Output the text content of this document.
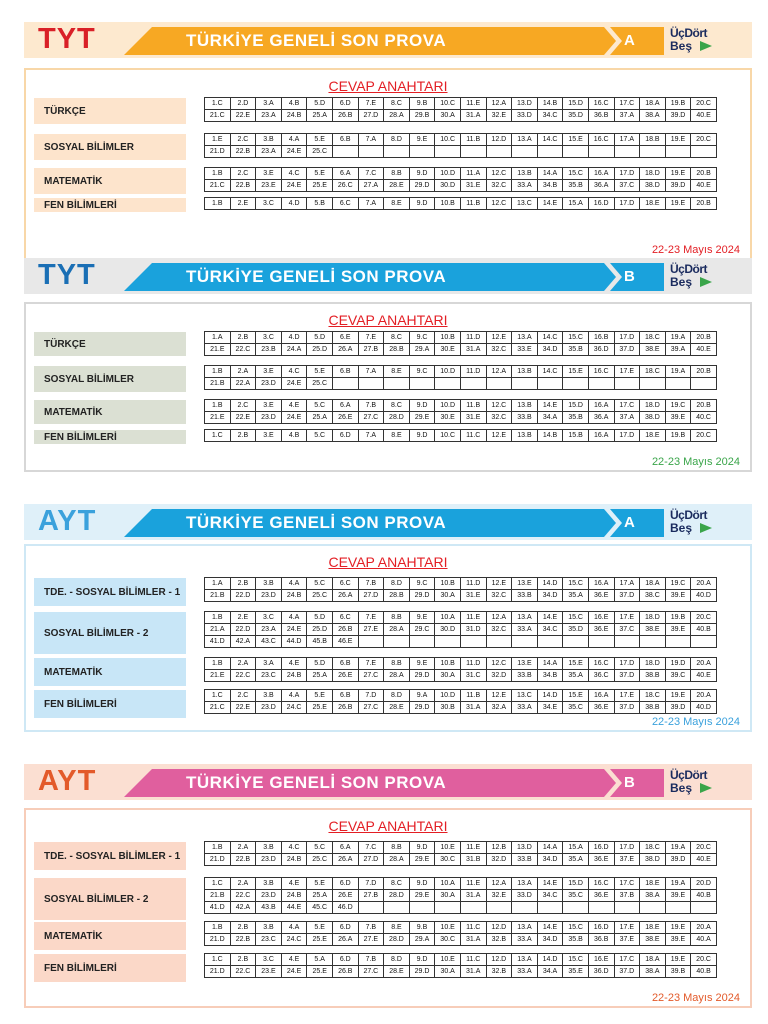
TYT	TÜRKİYE GENELİ SON PROVA	A	ÜçDört
Beş
CEVAP ANAHTARI
TÜRKÇE
1.C	2.D	3.A	4.B	5.D	6.D	7.E	8.C	9.B	10.C	11.E	12.A	13.D	14.B	15.D	16.C	17.C	18.A	19.B	20.C
21.C	22.E	23.A	24.B	25.A	26.B	27.D	28.A	29.B	30.A	31.A	32.E	33.D	34.C	35.D	36.B	37.A	38.A	39.D	40.E
SOSYAL BİLİMLER
1.E	2.C	3.B	4.A	5.E	6.B	7.A	8.D	9.E	10.C	11.B	12.D	13.A	14.C	15.E	16.C	17.A	18.B	19.E	20.C
21.D	22.B	23.A	24.E	25.C															
MATEMATİK
1.B	2.C	3.E	4.C	5.E	6.A	7.C	8.B	9.D	10.D	11.A	12.C	13.B	14.A	15.C	16.A	17.D	18.D	19.E	20.B
21.C	22.B	23.E	24.E	25.E	26.C	27.A	28.E	29.D	30.D	31.E	32.C	33.A	34.B	35.B	36.A	37.C	38.D	39.D	40.E
FEN BİLİMLERİ	1.B	2.E	3.C	4.D	5.B	6.C	7.A	8.E	9.D	10.B	11.B	12.C	13.C	14.E	15.A	16.D	17.D	18.E	19.E	20.B
22-23 Mayıs 2024
TYT	TÜRKİYE GENELİ SON PROVA	B	ÜçDört
Beş
CEVAP ANAHTARI
TÜRKÇE
1.A	2.B	3.C	4.D	5.D	6.E	7.E	8.C	9.C	10.B	11.D	12.E	13.A	14.C	15.C	16.B	17.D	18.C	19.A	20.B
21.E	22.C	23.B	24.A	25.D	26.A	27.B	28.B	29.A	30.E	31.A	32.C	33.E	34.D	35.B	36.D	37.D	38.E	39.A	40.E
SOSYAL BİLİMLER
1.B	2.A	3.E	4.C	5.E	6.B	7.A	8.E	9.C	10.D	11.D	12.A	13.B	14.C	15.E	16.C	17.E	18.C	19.A	20.B
21.B	22.A	23.D	24.E	25.C															
MATEMATİK
1.B	2.C	3.E	4.E	5.C	6.A	7.B	8.C	9.D	10.D	11.B	12.C	13.B	14.E	15.D	16.A	17.C	18.D	19.C	20.B
21.E	22.E	23.D	24.E	25.A	26.E	27.C	28.D	29.E	30.E	31.E	32.C	33.B	34.A	35.B	36.A	37.A	38.D	39.E	40.C
FEN BİLİMLERİ	1.C	2.B	3.E	4.B	5.C	6.D	7.A	8.E	9.D	10.C	11.C	12.E	13.B	14.B	15.B	16.A	17.D	18.E	19.B	20.C
22-23 Mayıs 2024
AYT	TÜRKİYE GENELİ SON PROVA	A	ÜçDört
Beş
CEVAP ANAHTARI
TDE. - SOSYAL BİLİMLER - 1
1.A	2.B	3.B	4.A	5.C	6.C	7.B	8.D	9.C	10.B	11.D	12.E	13.E	14.D	15.C	16.A	17.A	18.A	19.C	20.A
21.B	22.D	23.D	24.B	25.C	26.A	27.D	28.B	29.D	30.A	31.E	32.C	33.B	34.D	35.A	36.E	37.D	38.C	39.E	40.D
SOSYAL BİLİMLER - 2
1.B	2.E	3.C	4.A	5.D	6.C	7.E	8.B	9.E	10.A	11.E	12.A	13.A	14.E	15.C	16.E	17.E	18.D	19.B	20.C
21.A	22.D	23.A	24.E	25.D	26.B	27.E	28.A	29.C	30.D	31.D	32.C	33.A	34.C	35.D	36.E	37.C	38.E	39.E	40.B
41.D	42.A	43.C	44.D	45.B	46.E														
MATEMATİK
1.B	2.A	3.A	4.E	5.D	6.B	7.E	8.B	9.E	10.B	11.D	12.C	13.E	14.A	15.E	16.C	17.D	18.D	19.D	20.A
21.E	22.C	23.C	24.B	25.A	26.E	27.C	28.A	29.D	30.A	31.C	32.D	33.B	34.B	35.A	36.C	37.D	38.B	39.C	40.E
FEN BİLİMLERİ
1.C	2.C	3.B	4.A	5.E	6.B	7.D	8.D	9.A	10.D	11.B	12.E	13.C	14.D	15.E	16.A	17.E	18.C	19.E	20.A
21.C	22.E	23.D	24.C	25.E	26.B	27.C	28.E	29.D	30.B	31.A	32.A	33.A	34.E	35.C	36.E	37.D	38.B	39.D	40.D
22-23 Mayıs 2024
AYT	TÜRKİYE GENELİ SON PROVA	B	ÜçDört
Beş
CEVAP ANAHTARI
TDE. - SOSYAL BİLİMLER - 1
1.B	2.A	3.B	4.C	5.C	6.A	7.C	8.B	9.D	10.E	11.E	12.B	13.D	14.A	15.A	16.D	17.D	18.C	19.A	20.C
21.D	22.B	23.D	24.B	25.C	26.A	27.D	28.A	29.E	30.C	31.B	32.D	33.B	34.D	35.A	36.E	37.E	38.D	39.D	40.E
SOSYAL BİLİMLER - 2
1.C	2.A	3.B	4.E	5.E	6.D	7.D	8.C	9.D	10.A	11.E	12.A	13.A	14.E	15.D	16.C	17.C	18.E	19.A	20.D
21.B	22.C	23.D	24.B	25.A	26.E	27.B	28.D	29.E	30.A	31.A	32.E	33.D	34.C	35.C	36.E	37.B	38.A	39.E	40.B
41.D	42.A	43.B	44.E	45.C	46.D														
MATEMATİK
1.B	2.B	3.B	4.A	5.E	6.D	7.B	8.E	9.B	10.E	11.C	12.D	13.A	14.E	15.C	16.D	17.E	18.E	19.E	20.A
21.D	22.B	23.C	24.C	25.E	26.A	27.E	28.D	29.A	30.C	31.A	32.B	33.A	34.D	35.B	36.B	37.E	38.E	39.E	40.A
FEN BİLİMLERİ
1.C	2.B	3.C	4.E	5.A	6.D	7.B	8.D	9.D	10.E	11.C	12.D	13.A	14.D	15.C	16.E	17.C	18.A	19.E	20.C
21.D	22.C	23.E	24.E	25.E	26.B	27.C	28.E	29.D	30.A	31.A	32.B	33.A	34.A	35.E	36.D	37.D	38.A	39.B	40.B
22-23 Mayıs 2024
